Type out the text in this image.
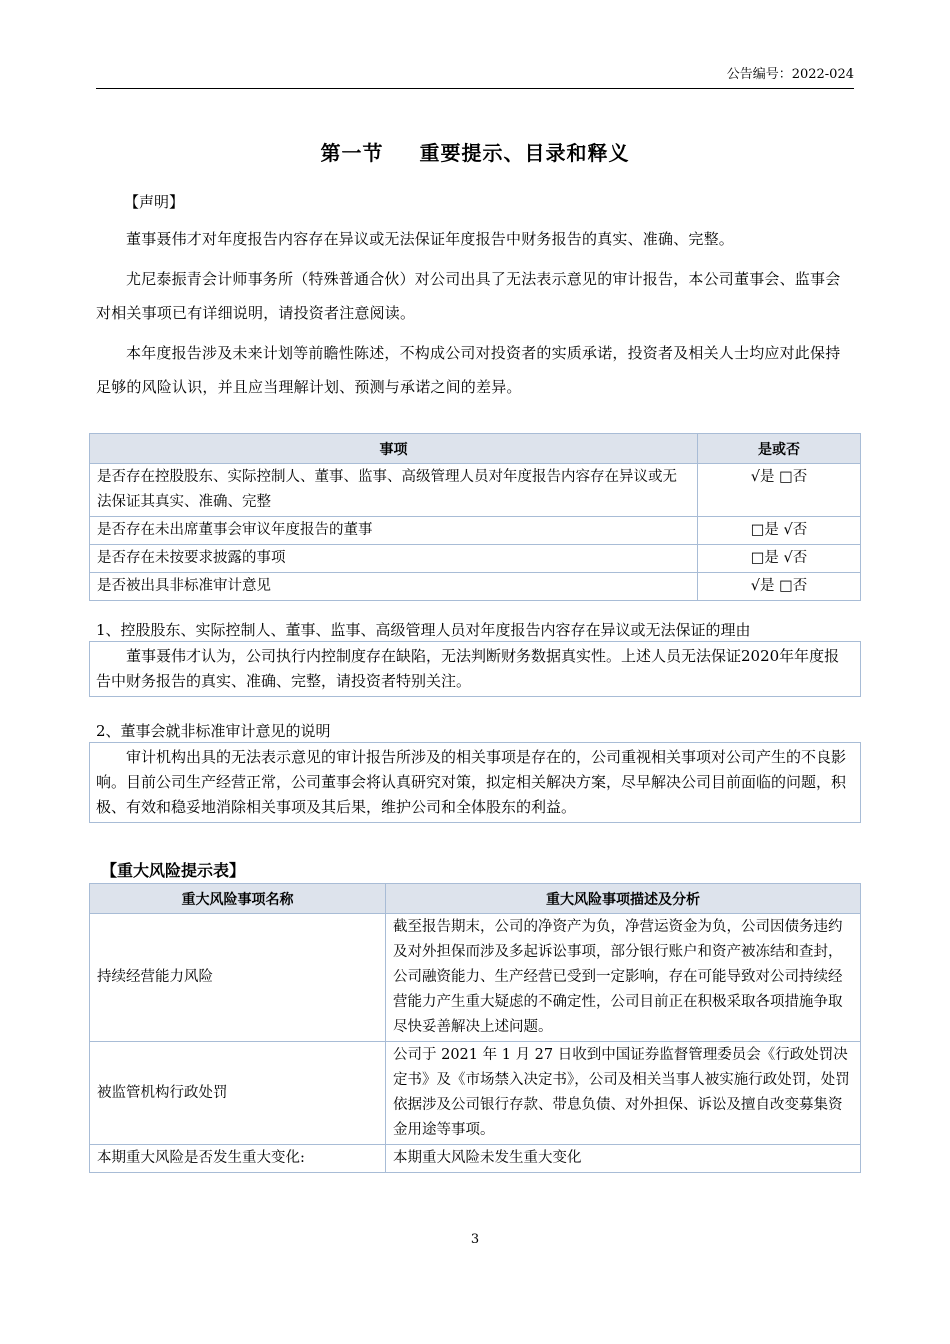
公告编号：2022-024
第一节 重要提示、目录和释义
【声明】
董事聂伟才对年度报告内容存在异议或无法保证年度报告中财务报告的真实、准确、完整。
尤尼泰振青会计师事务所（特殊普通合伙）对公司出具了无法表示意见的审计报告，本公司董事会、监事会对相关事项已有详细说明，请投资者注意阅读。
本年度报告涉及未来计划等前瞻性陈述，不构成公司对投资者的实质承诺，投资者及相关人士均应对此保持足够的风险认识，并且应当理解计划、预测与承诺之间的差异。
事项	是或否
是否存在控股股东、实际控制人、董事、监事、高级管理人员对年度报告内容存在异议或无法保证其真实、准确、完整	√是 □否
是否存在未出席董事会审议年度报告的董事	□是 √否
是否存在未按要求披露的事项	□是 √否
是否被出具非标准审计意见	√是 □否
1、控股股东、实际控制人、董事、监事、高级管理人员对年度报告内容存在异议或无法保证的理由
董事聂伟才认为，公司执行内控制度存在缺陷，无法判断财务数据真实性。上述人员无法保证2020年年度报告中财务报告的真实、准确、完整，请投资者特别关注。
2、董事会就非标准审计意见的说明
审计机构出具的无法表示意见的审计报告所涉及的相关事项是存在的，公司重视相关事项对公司产生的不良影响。目前公司生产经营正常，公司董事会将认真研究对策，拟定相关解决方案，尽早解决公司目前面临的问题，积极、有效和稳妥地消除相关事项及其后果，维护公司和全体股东的利益。
【重大风险提示表】
重大风险事项名称	重大风险事项描述及分析
持续经营能力风险	截至报告期末，公司的净资产为负，净营运资金为负，公司因债务违约及对外担保而涉及多起诉讼事项，部分银行账户和资产被冻结和查封，公司融资能力、生产经营已受到一定影响，存在可能导致对公司持续经营能力产生重大疑虑的不确定性，公司目前正在积极采取各项措施争取尽快妥善解决上述问题。
被监管机构行政处罚	公司于 2021 年 1 月 27 日收到中国证券监督管理委员会《行政处罚决定书》及《市场禁入决定书》，公司及相关当事人被实施行政处罚，处罚依据涉及公司银行存款、带息负债、对外担保、诉讼及擅自改变募集资金用途等事项。
本期重大风险是否发生重大变化:	本期重大风险未发生重大变化
3
